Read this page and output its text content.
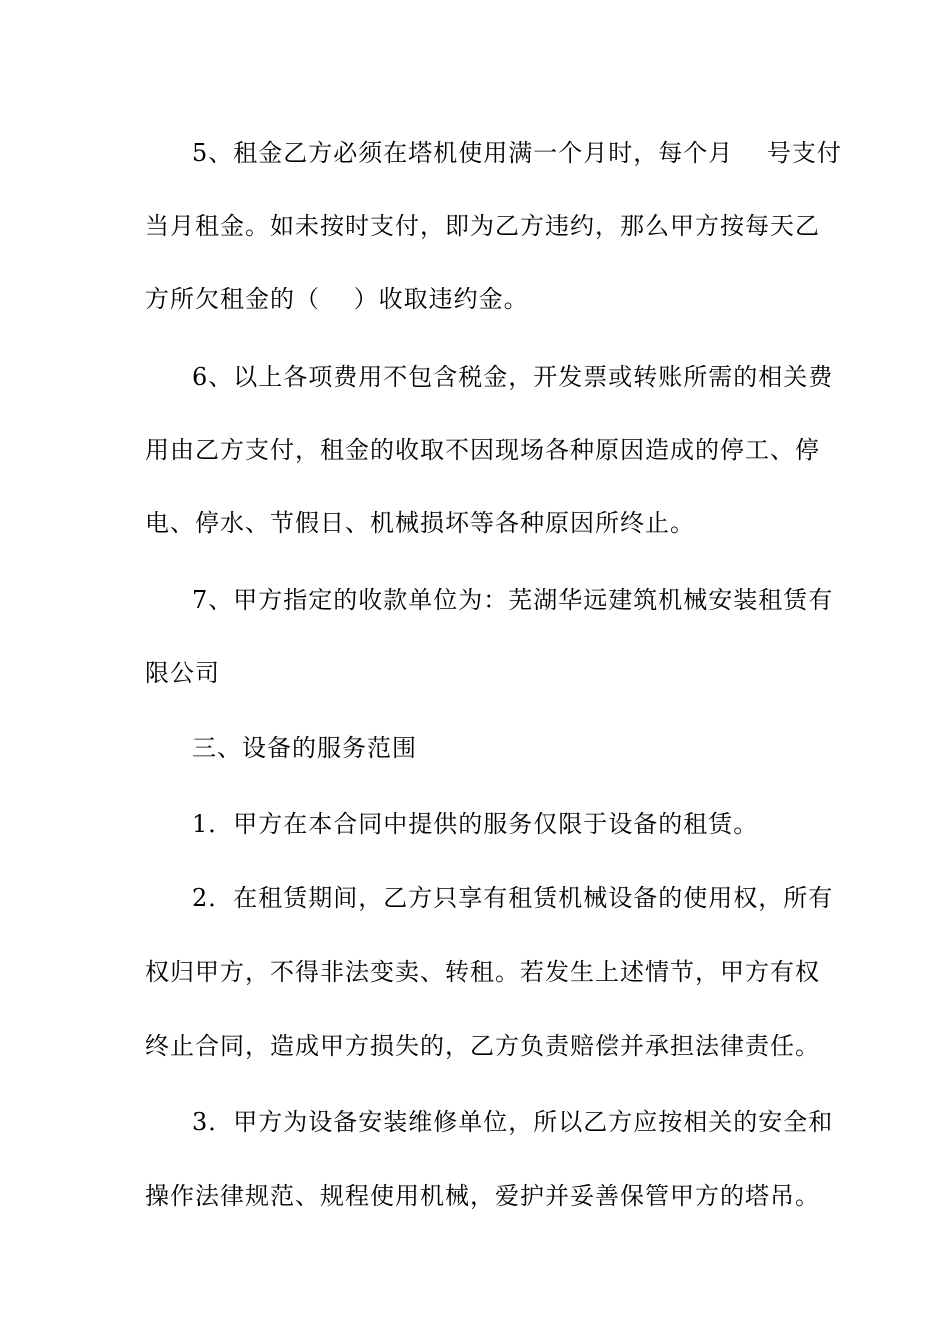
5、租金乙方必须在塔机使用满一个月时，每个月　 号支付
当月租金。如未按时支付，即为乙方违约，那么甲方按每天乙
方所欠租金的（　 ）收取违约金。
6、以上各项费用不包含税金，开发票或转账所需的相关费
用由乙方支付，租金的收取不因现场各种原因造成的停工、停
电、停水、节假日、机械损坏等各种原因所终止。
7、甲方指定的收款单位为：芜湖华远建筑机械安装租赁有
限公司
三、设备的服务范围
1．甲方在本合同中提供的服务仅限于设备的租赁。
2．在租赁期间，乙方只享有租赁机械设备的使用权，所有
权归甲方，不得非法变卖、转租。若发生上述情节，甲方有权
终止合同，造成甲方损失的，乙方负责赔偿并承担法律责任。
3．甲方为设备安装维修单位，所以乙方应按相关的安全和
操作法律规范、规程使用机械，爱护并妥善保管甲方的塔吊。
